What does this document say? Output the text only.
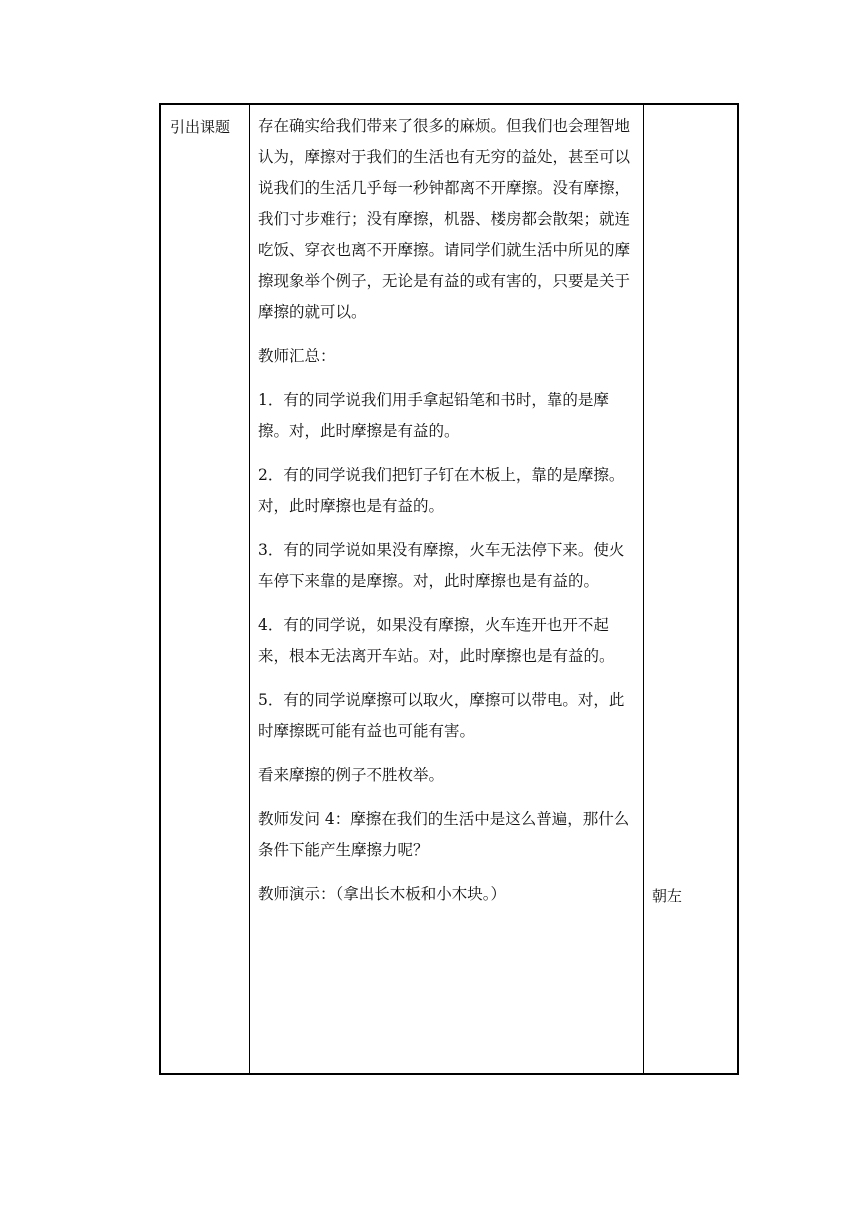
引出课题 存在确实给我们带来了很多的麻烦。但我们也会理智地认为，摩擦对于我们的生活也有无穷的益处，甚至可以说我们的生活几乎每一秒钟都离不开摩擦。没有摩擦，我们寸步难行；没有摩擦，机器、楼房都会散架；就连吃饭、穿衣也离不开摩擦。请同学们就生活中所见的摩擦现象举个例子，无论是有益的或有害的，只要是关于摩擦的就可以。

教师汇总：

1．有的同学说我们用手拿起铅笔和书时，靠的是摩擦。对，此时摩擦是有益的。

2．有的同学说我们把钉子钉在木板上，靠的是摩擦。对，此时摩擦也是有益的。

3．有的同学说如果没有摩擦，火车无法停下来。使火车停下来靠的是摩擦。对，此时摩擦也是有益的。

4．有的同学说，如果没有摩擦，火车连开也开不起来，根本无法离开车站。对，此时摩擦也是有益的。

5．有的同学说摩擦可以取火，摩擦可以带电。对，此时摩擦既可能有益也可能有害。

看来摩擦的例子不胜枚举。

教师发问 4：摩擦在我们的生活中是这么普遍，那什么条件下能产生摩擦力呢？

教师演示：（拿出长木板和小木块。）	朝左
